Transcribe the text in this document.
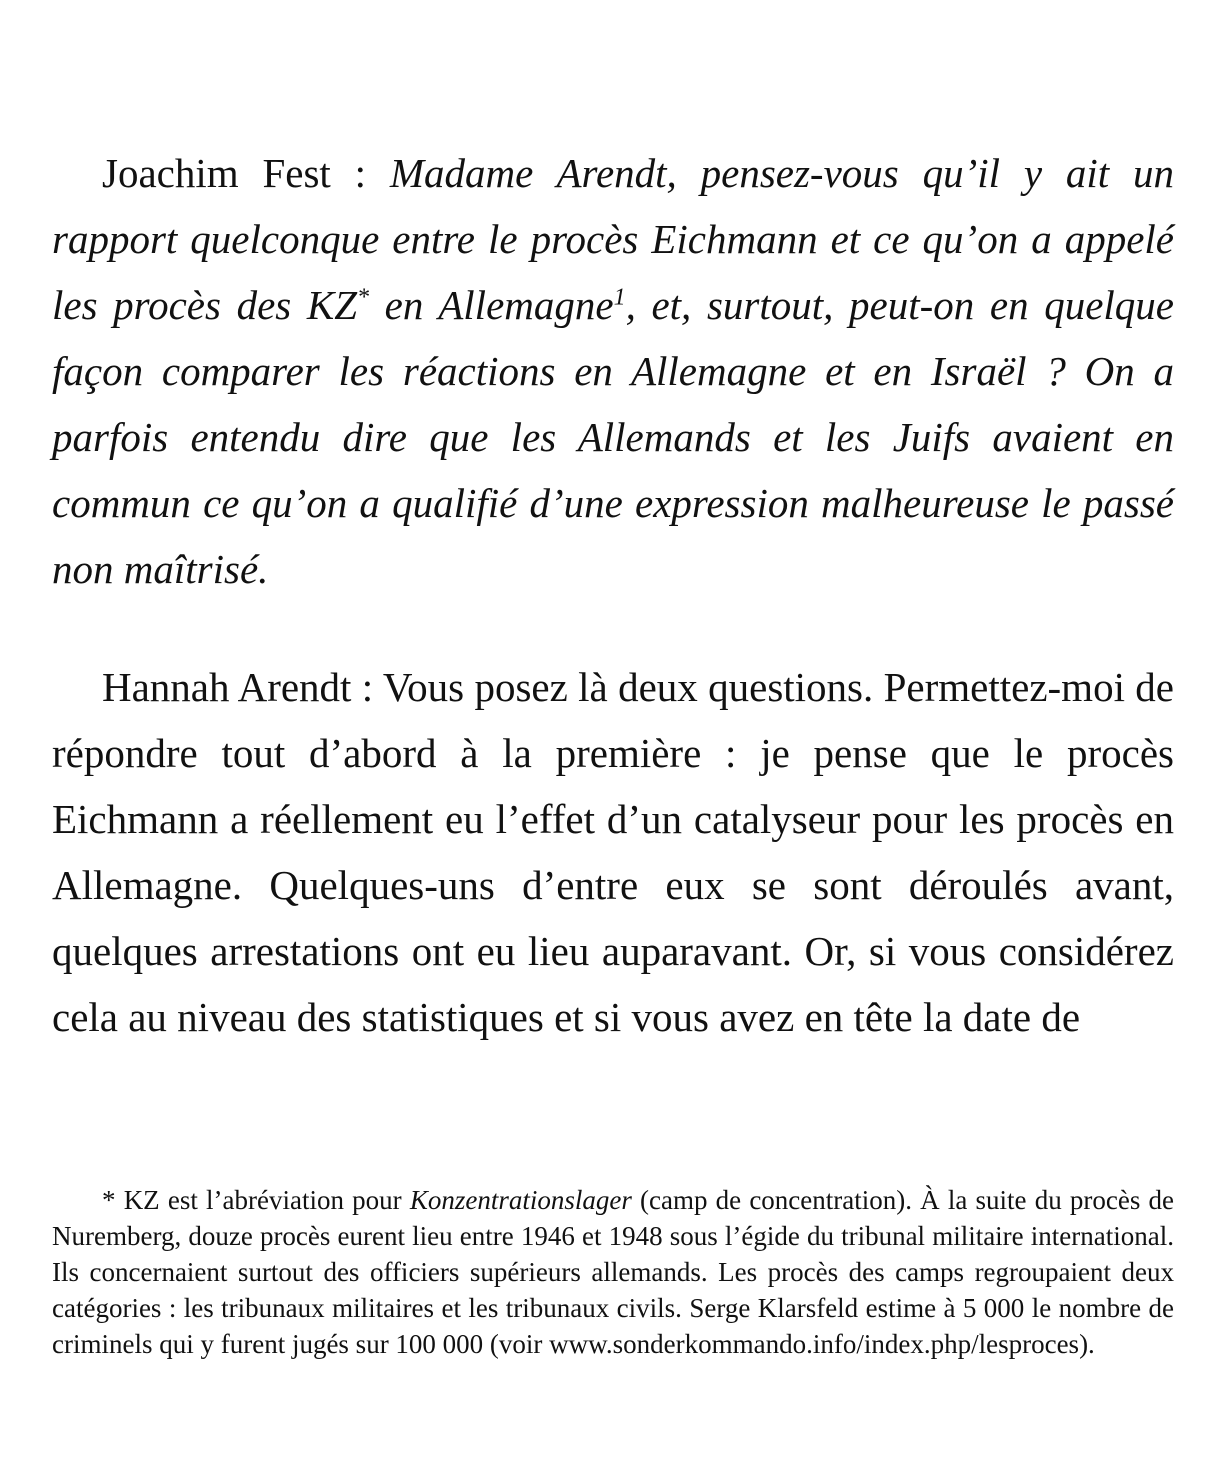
Joachim Fest : Madame Arendt, pensez-vous qu’il y ait un rapport quelconque entre le procès Eichmann et ce qu’on a appelé les procès des KZ* en Allemagne$^1$, et, surtout, peut-on en quelque façon comparer les réactions en Allemagne et en Israël ? On a parfois entendu dire que les Allemands et les Juifs avaient en commun ce qu’on a qualifié d’une expression malheureuse le passé non maîtrisé.

Hannah Arendt : Vous posez là deux questions. Permettez-moi de répondre tout d’abord à la première : je pense que le procès Eichmann a réellement eu l’effet d’un catalyseur pour les procès en Allemagne. Quelques-uns d’entre eux se sont déroulés avant, quelques arrestations ont eu lieu auparavant. Or, si vous considérez cela au niveau des statistiques et si vous avez en tête la date de

* KZ est l’abréviation pour Konzentrationslager (camp de concentration). À la suite du procès de Nuremberg, douze procès eurent lieu entre 1946 et 1948 sous l’égide du tribunal militaire international. Ils concernaient surtout des officiers supérieurs allemands. Les procès des camps regroupaient deux catégories : les tribunaux militaires et les tribunaux civils. Serge Klarsfeld estime à 5 000 le nombre de criminels qui y furent jugés sur 100 000 (voir www.sonderkommando.info/index.php/lesproces).
